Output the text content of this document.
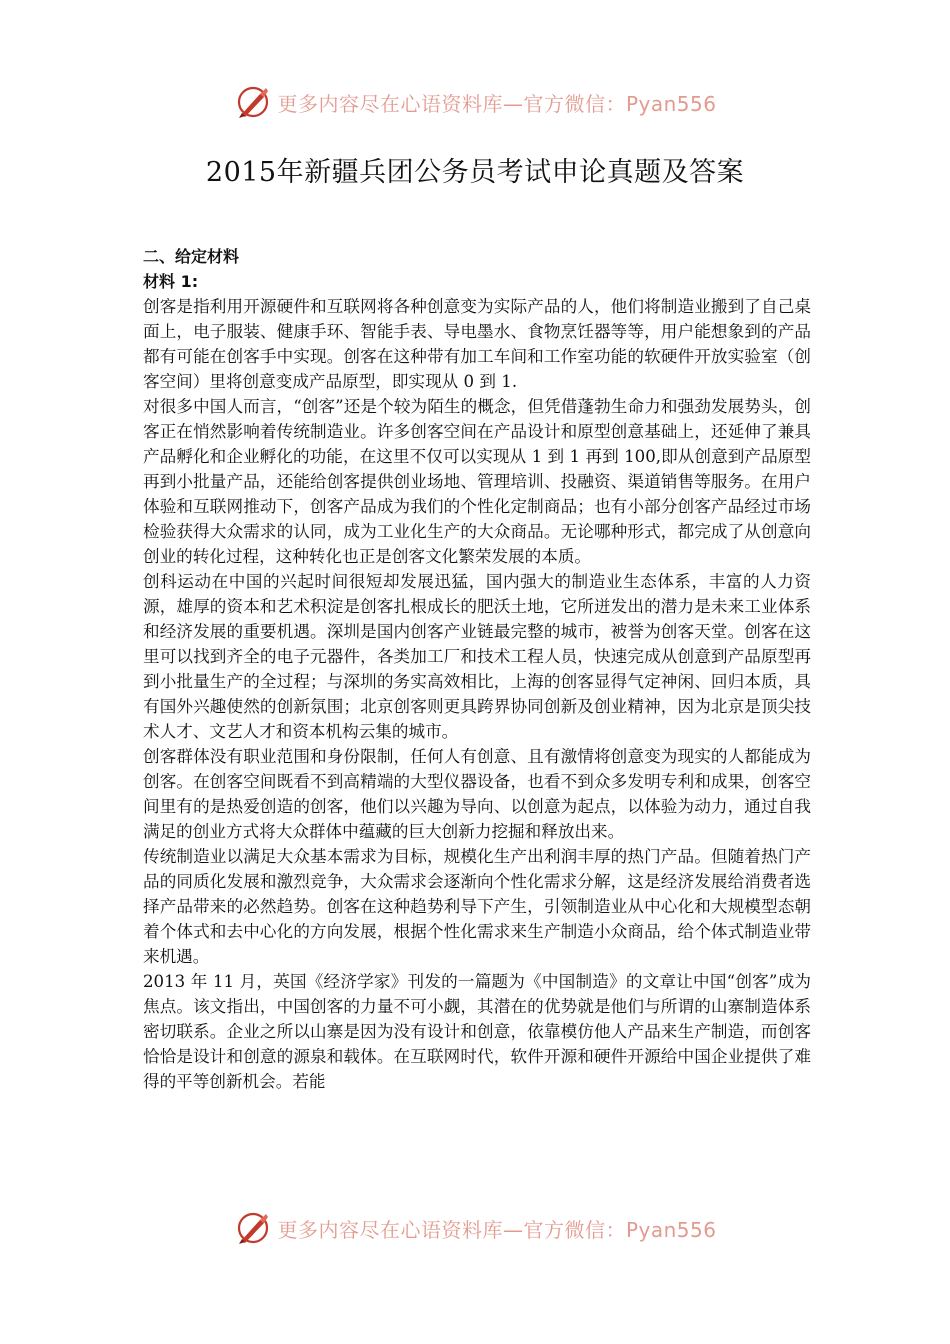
更多内容尽在心语资料库—官方微信：Pyan556
2015年新疆兵团公务员考试申论真题及答案

二、给定材料

材料 1:

创客是指利用开源硬件和互联网将各种创意变为实际产品的人，他们将制造业搬到了自己桌面上，电子服装、健康手环、智能手表、导电墨水、食物烹饪器等等，用户能想象到的产品都有可能在创客手中实现。创客在这种带有加工车间和工作室功能的软硬件开放实验室（创客空间）里将创意变成产品原型，即实现从 0 到 1.

对很多中国人而言，“创客”还是个较为陌生的概念，但凭借蓬勃生命力和强劲发展势头，创客正在悄然影响着传统制造业。许多创客空间在产品设计和原型创意基础上，还延伸了兼具产品孵化和企业孵化的功能，在这里不仅可以实现从 1 到 1 再到 100,即从创意到产品原型再到小批量产品，还能给创客提供创业场地、管理培训、投融资、渠道销售等服务。在用户体验和互联网推动下，创客产品成为我们的个性化定制商品；也有小部分创客产品经过市场检验获得大众需求的认同，成为工业化生产的大众商品。无论哪种形式，都完成了从创意向创业的转化过程，这种转化也正是创客文化繁荣发展的本质。

创科运动在中国的兴起时间很短却发展迅猛，国内强大的制造业生态体系，丰富的人力资源，雄厚的资本和艺术积淀是创客扎根成长的肥沃土地，它所迸发出的潜力是未来工业体系和经济发展的重要机遇。深圳是国内创客产业链最完整的城市，被誉为创客天堂。创客在这里可以找到齐全的电子元器件，各类加工厂和技术工程人员，快速完成从创意到产品原型再到小批量生产的全过程；与深圳的务实高效相比，上海的创客显得气定神闲、回归本质，具有国外兴趣使然的创新氛围；北京创客则更具跨界协同创新及创业精神，因为北京是顶尖技术人才、文艺人才和资本机构云集的城市。

创客群体没有职业范围和身份限制，任何人有创意、且有激情将创意变为现实的人都能成为创客。在创客空间既看不到高精端的大型仪器设备，也看不到众多发明专利和成果，创客空间里有的是热爱创造的创客，他们以兴趣为导向、以创意为起点，以体验为动力，通过自我满足的创业方式将大众群体中蕴藏的巨大创新力挖掘和释放出来。

传统制造业以满足大众基本需求为目标，规模化生产出利润丰厚的热门产品。但随着热门产品的同质化发展和激烈竞争，大众需求会逐渐向个性化需求分解，这是经济发展给消费者选择产品带来的必然趋势。创客在这种趋势利导下产生，引领制造业从中心化和大规模型态朝着个体式和去中心化的方向发展，根据个性化需求来生产制造小众商品，给个体式制造业带来机遇。

2013 年 11 月，英国《经济学家》刊发的一篇题为《中国制造》的文章让中国“创客”成为焦点。该文指出，中国创客的力量不可小觑，其潜在的优势就是他们与所谓的山寨制造体系密切联系。企业之所以山寨是因为没有设计和创意，依靠模仿他人产品来生产制造，而创客恰恰是设计和创意的源泉和载体。在互联网时代，软件开源和硬件开源给中国企业提供了难得的平等创新机会。若能

更多内容尽在心语资料库—官方微信：Pyan556
